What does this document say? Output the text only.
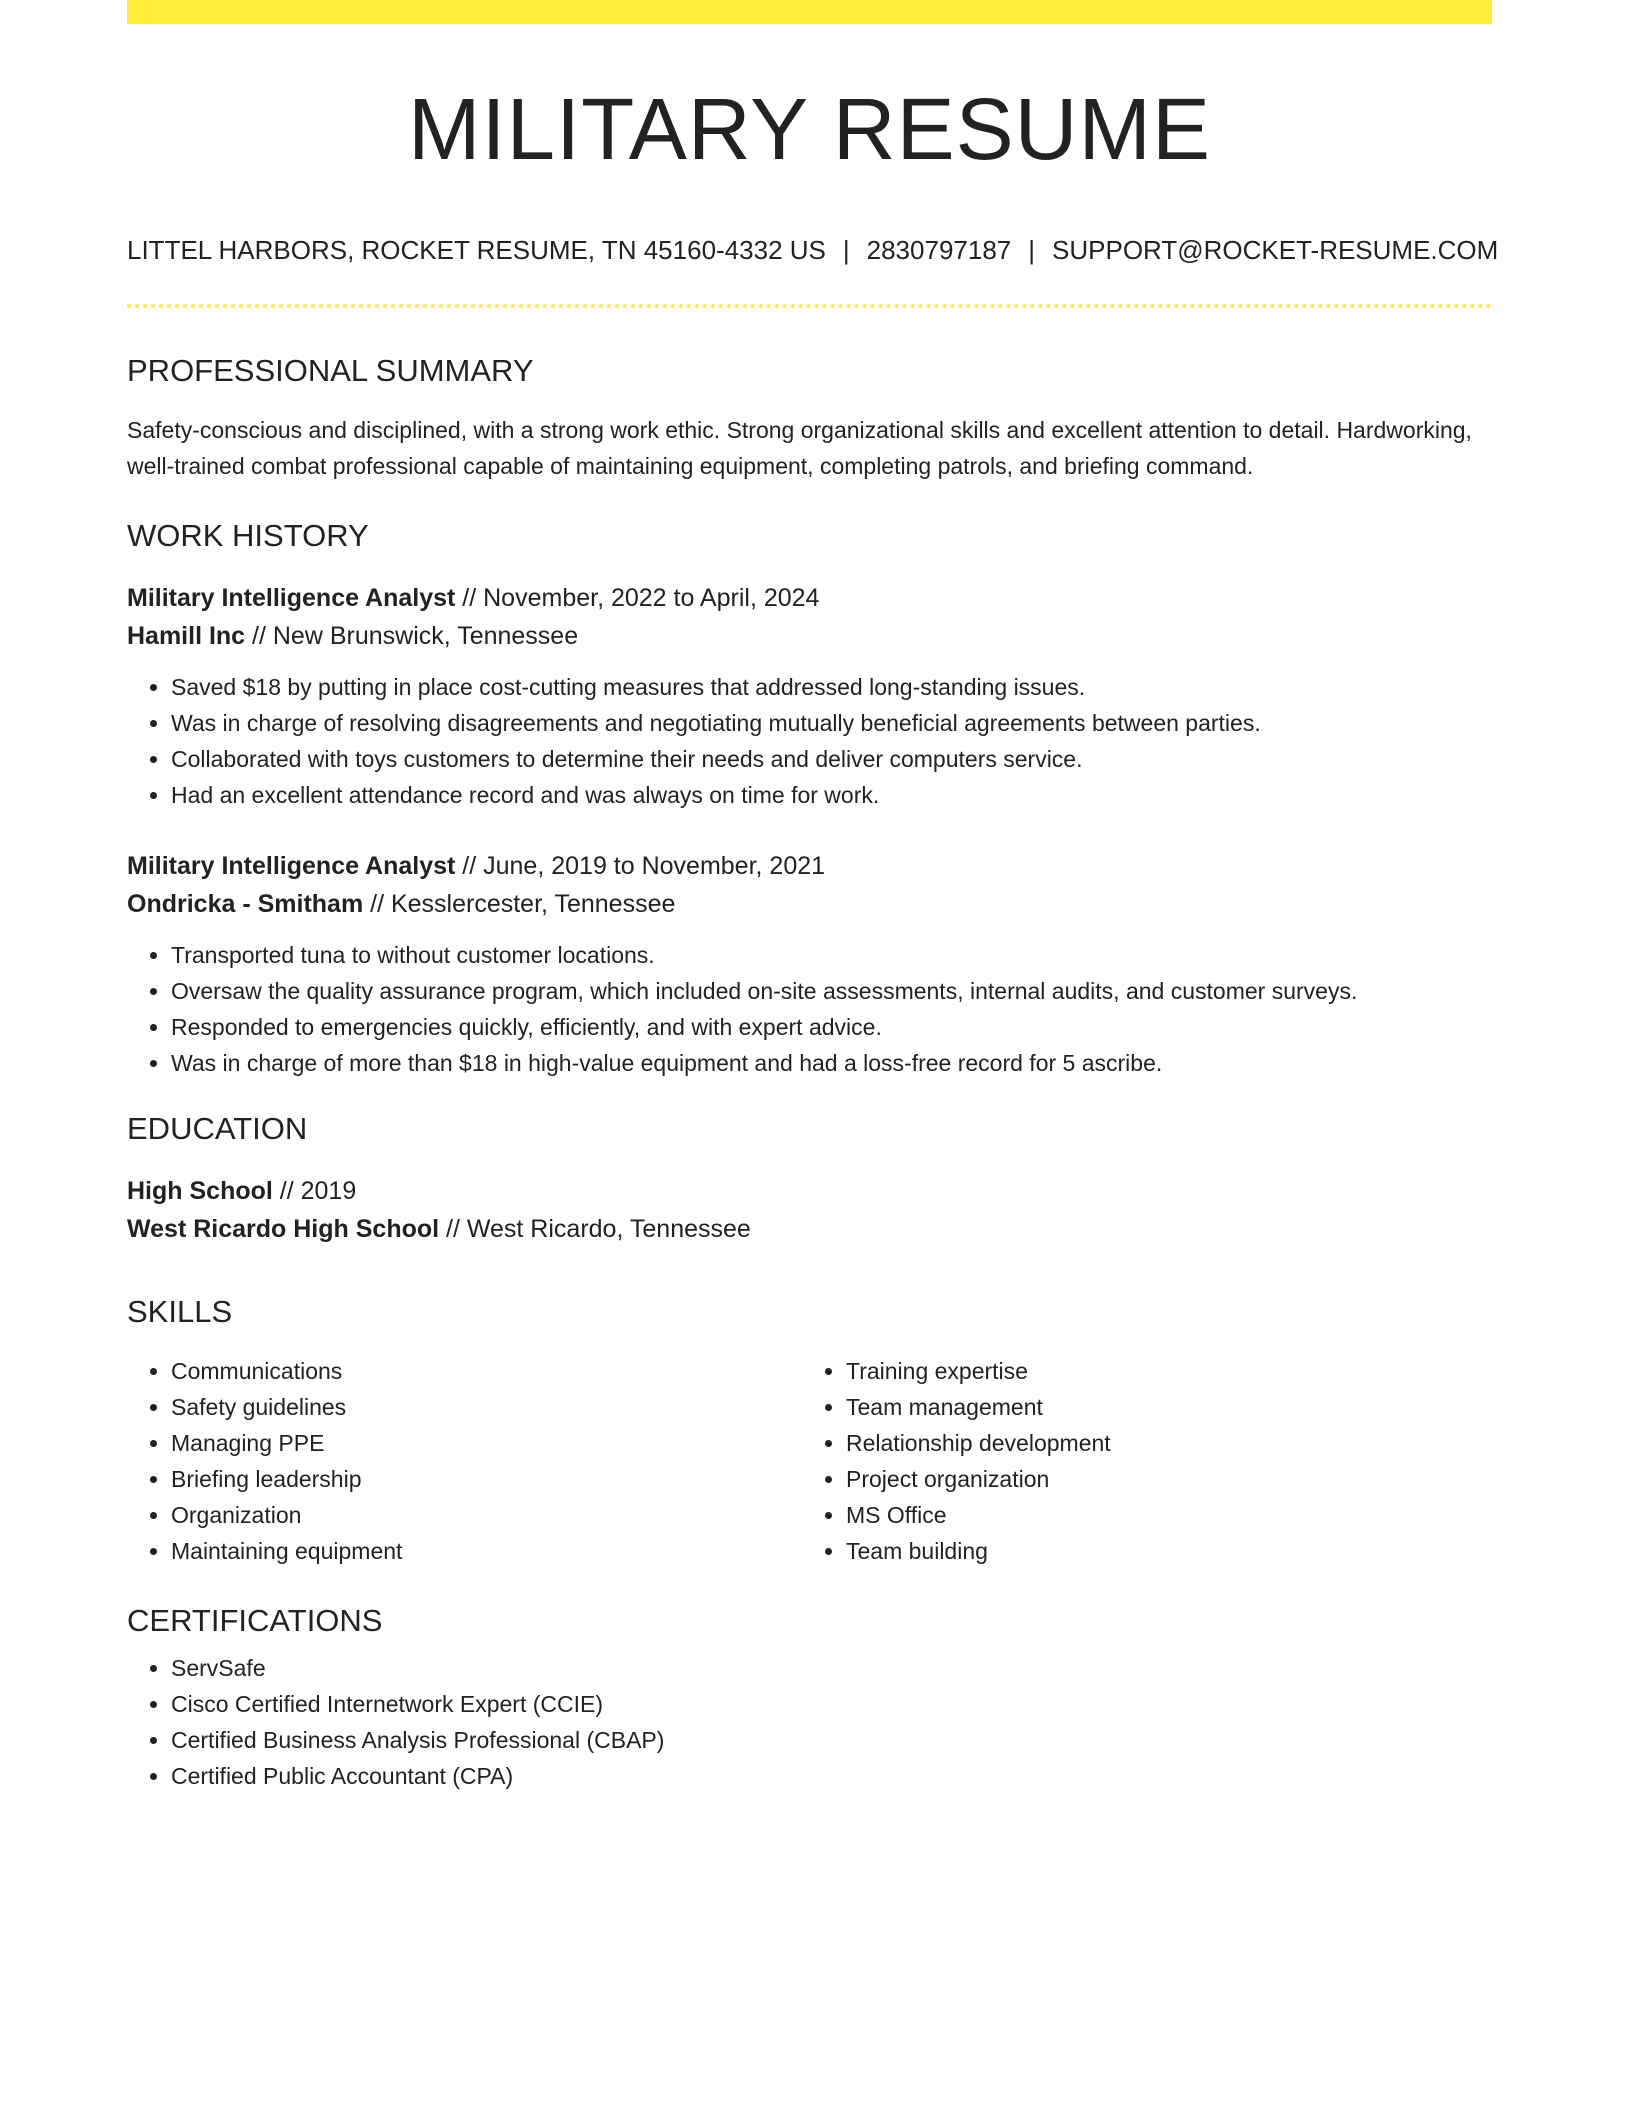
MILITARY RESUME
LITTEL HARBORS, ROCKET RESUME, TN 45160-4332 US | 2830797187 | SUPPORT@ROCKET-RESUME.COM
PROFESSIONAL SUMMARY

Safety-conscious and disciplined, with a strong work ethic. Strong organizational skills and excellent attention to detail. Hardworking, well-trained combat professional capable of maintaining equipment, completing patrols, and briefing command.

WORK HISTORY
Military Intelligence Analyst // November, 2022 to April, 2024
Hamill Inc // New Brunswick, Tennessee
• Saved $18 by putting in place cost-cutting measures that addressed long-standing issues.
• Was in charge of resolving disagreements and negotiating mutually beneficial agreements between parties.
• Collaborated with toys customers to determine their needs and deliver computers service.
• Had an excellent attendance record and was always on time for work.
Military Intelligence Analyst // June, 2019 to November, 2021
Ondricka - Smitham // Kesslercester, Tennessee
• Transported tuna to without customer locations.
• Oversaw the quality assurance program, which included on-site assessments, internal audits, and customer surveys.
• Responded to emergencies quickly, efficiently, and with expert advice.
• Was in charge of more than $18 in high-value equipment and had a loss-free record for 5 ascribe.
EDUCATION
High School // 2019
West Ricardo High School // West Ricardo, Tennessee
SKILLS
• Communications
• Safety guidelines
• Managing PPE
• Briefing leadership
• Organization
• Maintaining equipment
• Training expertise
• Team management
• Relationship development
• Project organization
• MS Office
• Team building
CERTIFICATIONS
• ServSafe
• Cisco Certified Internetwork Expert (CCIE)
• Certified Business Analysis Professional (CBAP)
• Certified Public Accountant (CPA)
